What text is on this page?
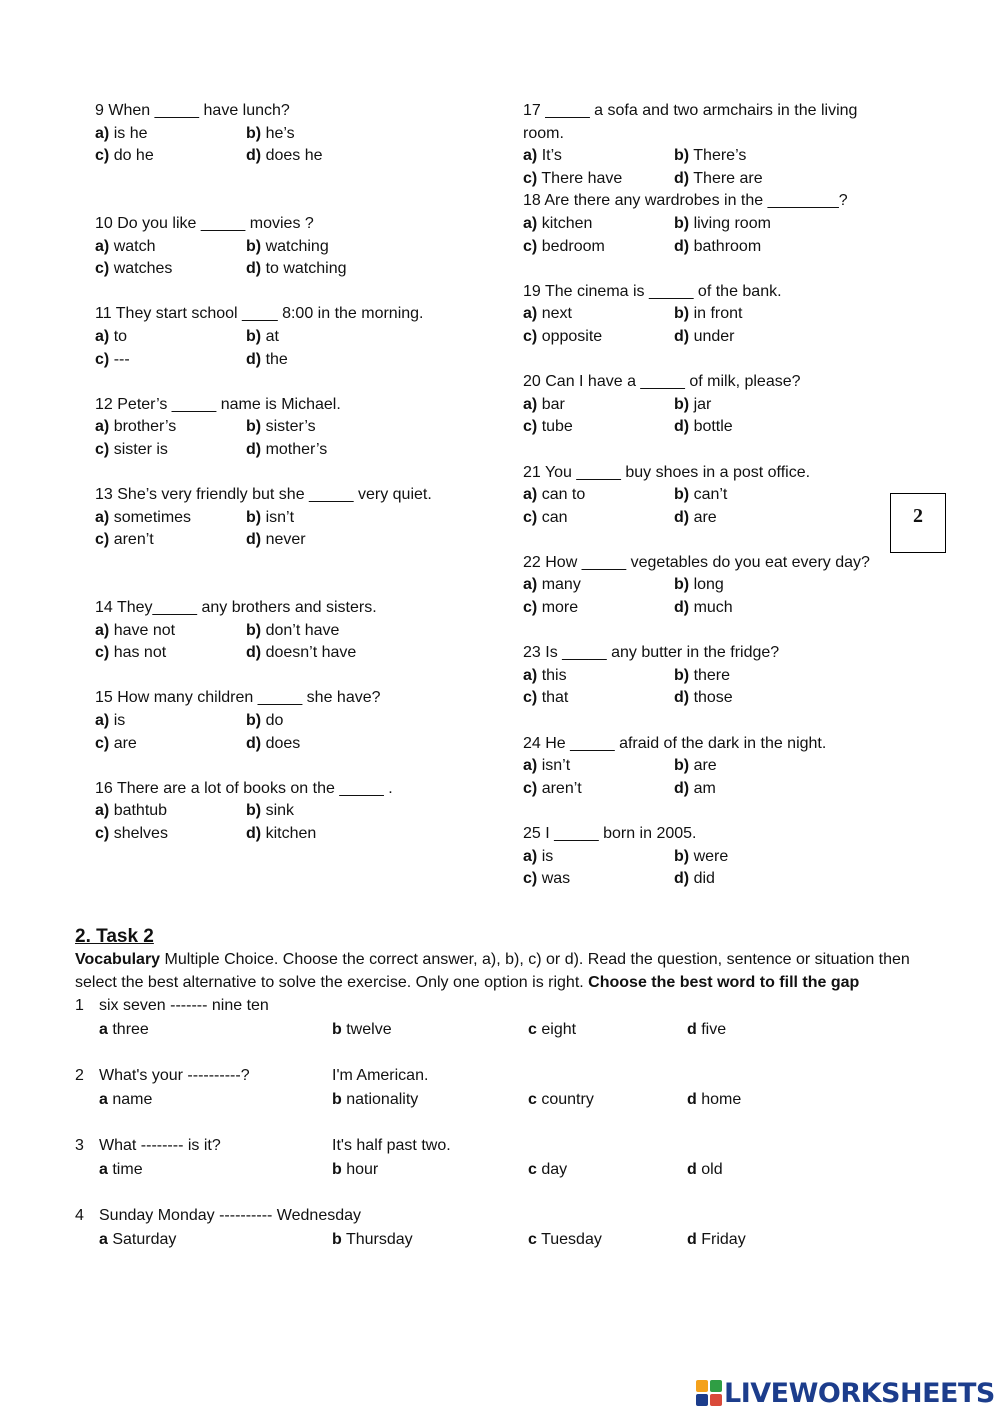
9 When _____ have lunch?
a) is he	b) he’s
c) do he	d) does he
10 Do you like _____ movies ?
a) watch	b) watching
c) watches	d) to watching
11 They start school ____ 8:00 in the morning.
a) to	b) at
c) ---	d) the
12 Peter’s _____ name is Michael.
a) brother’s	b) sister’s
c) sister is	d) mother’s
13 She’s very friendly but she _____ very quiet.
a) sometimes	b) isn’t
c) aren’t	d) never
14 They_____ any brothers and sisters.
a) have not	b) don’t have
c) has not	d) doesn’t have
15 How many children _____ she have?
a) is	b) do
c) are	d) does
16 There are a lot of books on the _____ .
a) bathtub	b) sink
c) shelves	d) kitchen
17 _____ a sofa and two armchairs in the living
room.
a) It’s	b) There’s
c) There have	d) There are
18 Are there any wardrobes in the ________?
a) kitchen	b) living room
c) bedroom	d) bathroom
19 The cinema is _____ of the bank.
a) next	b) in front
c) opposite	d) under
20 Can I have a _____ of milk, please?
a) bar	b) jar
c) tube	d) bottle
21 You _____ buy shoes in a post office.
a) can to	b) can’t
c) can	d) are
22 How _____ vegetables do you eat every day?
a) many	b) long
c) more	d) much
23 Is _____ any butter in the fridge?
a) this	b) there
c) that	d) those
24 He _____ afraid of the dark in the night.
a) isn’t	b) are
c) aren’t	d) am
25 I _____ born in 2005.
a) is	b) were
c) was	d) did
2
2. Task 2

Vocabulary Multiple Choice. Choose the correct answer, a), b), c) or d). Read the question, sentence or situation then select the best alternative to solve the exercise. Only one option is right. Choose the best word to fill the gap

1 six seven ------- nine ten
a three	b twelve	c eight	d five
2 What's your ----------?	I'm American.
a name	b nationality	c country	d home
3 What -------- is it?	It's half past two.
a time	b hour	c day	d old
4 Sunday Monday ---------- Wednesday
a Saturday	b Thursday	c Tuesday	d Friday
LIVEWORKSHEETS
